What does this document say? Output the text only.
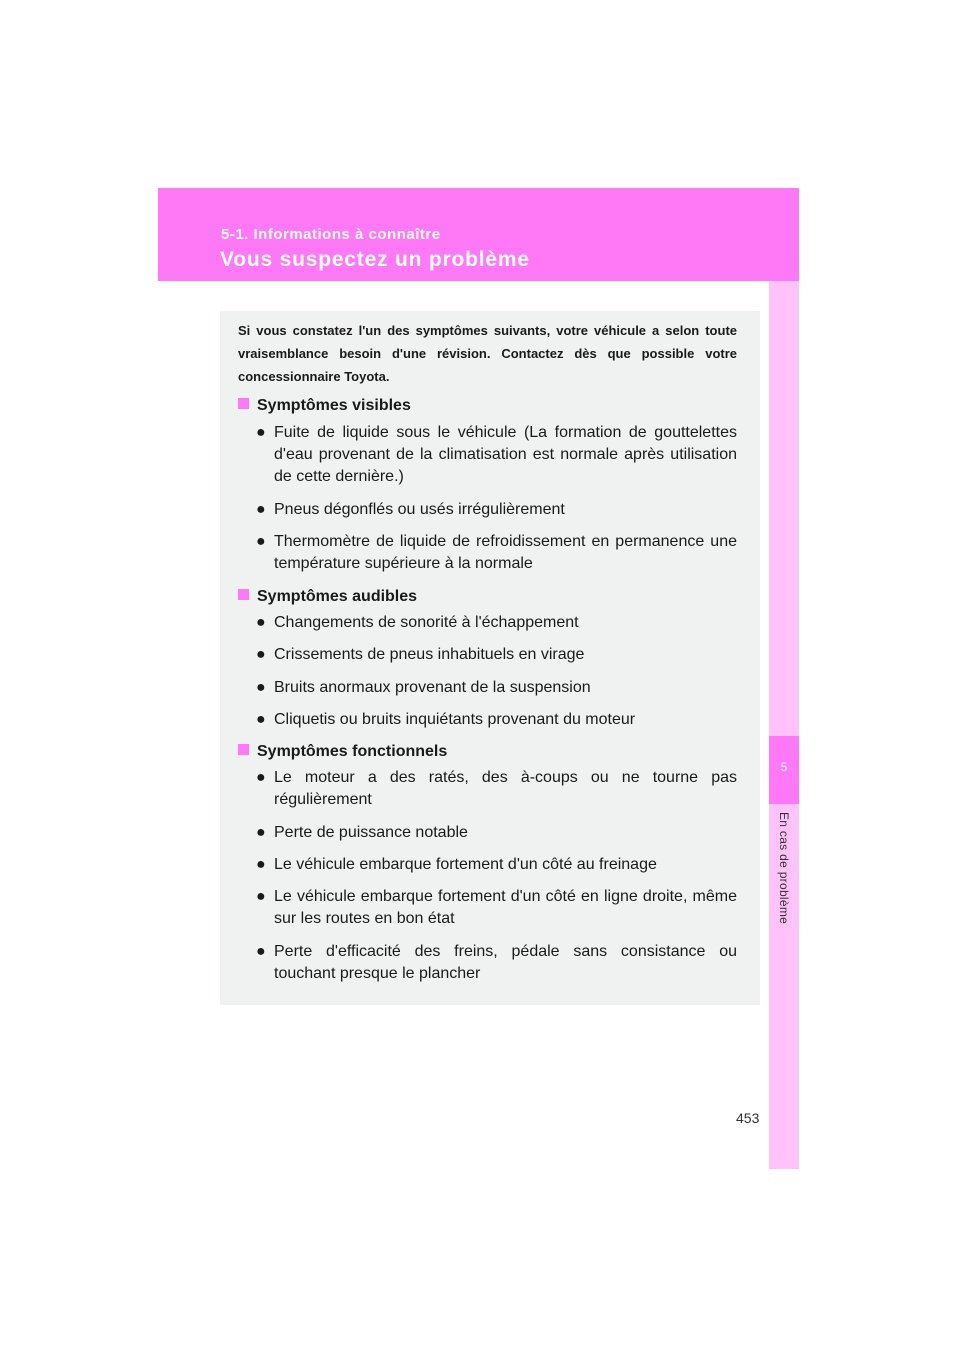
5-1. Informations à connaître
Vous suspectez un problème
5
En cas de problème

Si vous constatez l'un des symptômes suivants, votre véhicule a selon toute vraisemblance besoin d'une révision. Contactez dès que possible votre concessionnaire Toyota.

Symptômes visibles

● Fuite de liquide sous le véhicule (La formation de gouttelettes d'eau provenant de la climatisation est normale après utilisation de cette dernière.)

● Pneus dégonflés ou usés irrégulièrement

● Thermomètre de liquide de refroidissement en permanence une température supérieure à la normale

Symptômes audibles

● Changements de sonorité à l'échappement

● Crissements de pneus inhabituels en virage

● Bruits anormaux provenant de la suspension

● Cliquetis ou bruits inquiétants provenant du moteur

Symptômes fonctionnels

● Le moteur a des ratés, des à-coups ou ne tourne pas régulièrement

● Perte de puissance notable

● Le véhicule embarque fortement d'un côté au freinage

● Le véhicule embarque fortement d'un côté en ligne droite, même sur les routes en bon état

● Perte d'efficacité des freins, pédale sans consistance ou touchant presque le plancher

453
